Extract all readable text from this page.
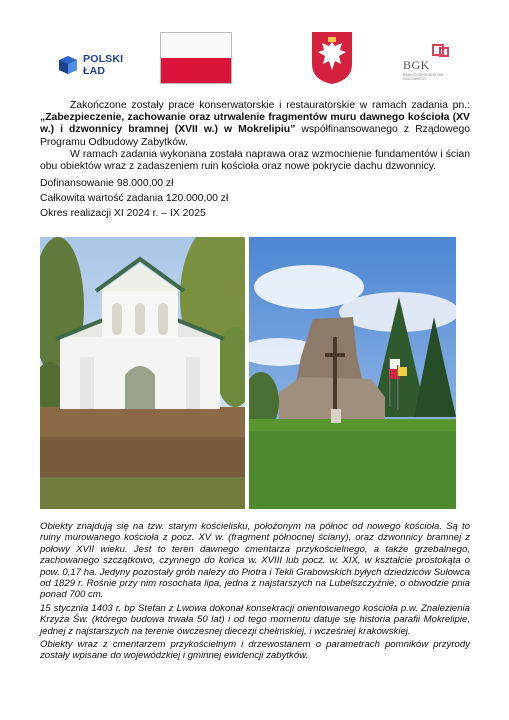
POLSKI
ŁAD	BGK
BANK GOSPODARSTWA KRAJOWEGO

Zakończone zostały prace konserwatorskie i restauratorskie w ramach zadania pn.: „Zabezpieczenie, zachowanie oraz utrwalenie fragmentów muru dawnego kościoła (XV w.) i dzwonnicy bramnej (XVII w.) w Mokrelipiu” współfinansowanego z Rządowego Programu Odbudowy Zabytków.

W ramach zadania wykonana została naprawa oraz wzmocnienie fundamentów i ścian obu obiektów wraz z zadaszeniem ruin kościoła oraz nowe pokrycie dachu dzwonnicy.

Dofinansowanie 98.000,00 zł

Całkowita wartość zadania 120.000,00 zł

Okres realizacji XI 2024 r. – IX 2025

Obiekty znajdują się na tzw. starym kościelisku, położonym na północ od nowego kościoła. Są to ruiny murowanego kościoła z pocz. XV w. (fragment północnej ściany), oraz dzwonnicy bramnej z połowy XVII wieku. Jest to teren dawnego cmentarza przykościelnego, a także grzebalnego, zachowanego szczątkowo, czynnego do końca w. XVIII lub pocz. w. XIX, w kształcie prostokąta o pow. 0,17 ha. Jedyny pozostały grób należy do Piotra i Tekli Grabowskich byłych dziedziców Sułowca od 1829 r. Rośnie przy nim rosochata lipa, jedna z najstarszych na Lubelszczyźnie, o obwodzie pnia ponad 700 cm.

15 stycznia 1403 r. bp Stefan z Lwowa dokonał konsekracji orientowanego kościoła p.w. Znalezienia Krzyża Św. (którego budowa trwała 50 lat) i od tego momentu datuje się historia parafii Mokrelipie, jednej z najstarszych na terenie ówczesnej diecezji chełmskiej, i wcześniej krakowskiej.

Obiekty wraz z cmentarzem przykościelnym i drzewostanem o parametrach pomników przyrody zostały wpisane do wojewódzkiej i gminnej ewidencji zabytków.
